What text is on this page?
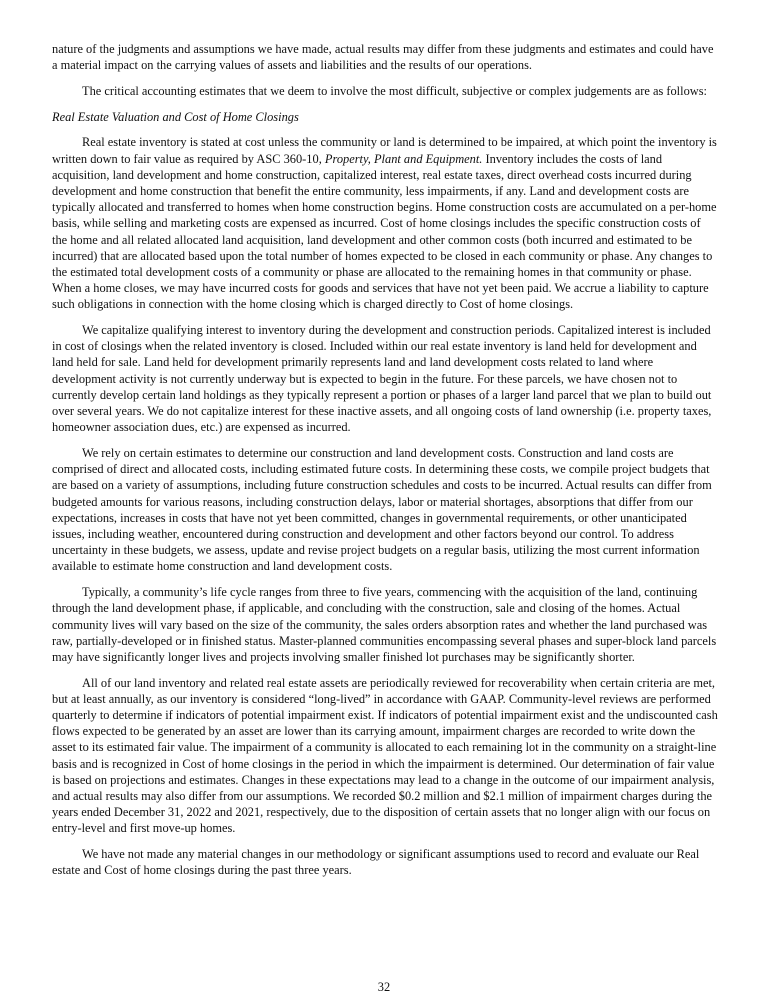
nature of the judgments and assumptions we have made, actual results may differ from these judgments and estimates and could have a material impact on the carrying values of assets and liabilities and the results of our operations.

The critical accounting estimates that we deem to involve the most difficult, subjective or complex judgements are as follows:

Real Estate Valuation and Cost of Home Closings

Real estate inventory is stated at cost unless the community or land is determined to be impaired, at which point the inventory is written down to fair value as required by ASC 360-10, Property, Plant and Equipment. Inventory includes the costs of land acquisition, land development and home construction, capitalized interest, real estate taxes, direct overhead costs incurred during development and home construction that benefit the entire community, less impairments, if any. Land and development costs are typically allocated and transferred to homes when home construction begins. Home construction costs are accumulated on a per-home basis, while selling and marketing costs are expensed as incurred. Cost of home closings includes the specific construction costs of the home and all related allocated land acquisition, land development and other common costs (both incurred and estimated to be incurred) that are allocated based upon the total number of homes expected to be closed in each community or phase. Any changes to the estimated total development costs of a community or phase are allocated to the remaining homes in that community or phase. When a home closes, we may have incurred costs for goods and services that have not yet been paid. We accrue a liability to capture such obligations in connection with the home closing which is charged directly to Cost of home closings.

We capitalize qualifying interest to inventory during the development and construction periods. Capitalized interest is included in cost of closings when the related inventory is closed. Included within our real estate inventory is land held for development and land held for sale. Land held for development primarily represents land and land development costs related to land where development activity is not currently underway but is expected to begin in the future. For these parcels, we have chosen not to currently develop certain land holdings as they typically represent a portion or phases of a larger land parcel that we plan to build out over several years. We do not capitalize interest for these inactive assets, and all ongoing costs of land ownership (i.e. property taxes, homeowner association dues, etc.) are expensed as incurred.

We rely on certain estimates to determine our construction and land development costs. Construction and land costs are comprised of direct and allocated costs, including estimated future costs. In determining these costs, we compile project budgets that are based on a variety of assumptions, including future construction schedules and costs to be incurred. Actual results can differ from budgeted amounts for various reasons, including construction delays, labor or material shortages, absorptions that differ from our expectations, increases in costs that have not yet been committed, changes in governmental requirements, or other unanticipated issues, including weather, encountered during construction and development and other factors beyond our control. To address uncertainty in these budgets, we assess, update and revise project budgets on a regular basis, utilizing the most current information available to estimate home construction and land development costs.

Typically, a community’s life cycle ranges from three to five years, commencing with the acquisition of the land, continuing through the land development phase, if applicable, and concluding with the construction, sale and closing of the homes. Actual community lives will vary based on the size of the community, the sales orders absorption rates and whether the land purchased was raw, partially-developed or in finished status. Master-planned communities encompassing several phases and super-block land parcels may have significantly longer lives and projects involving smaller finished lot purchases may be significantly shorter.

All of our land inventory and related real estate assets are periodically reviewed for recoverability when certain criteria are met, but at least annually, as our inventory is considered “long-lived” in accordance with GAAP. Community-level reviews are performed quarterly to determine if indicators of potential impairment exist. If indicators of potential impairment exist and the undiscounted cash flows expected to be generated by an asset are lower than its carrying amount, impairment charges are recorded to write down the asset to its estimated fair value. The impairment of a community is allocated to each remaining lot in the community on a straight-line basis and is recognized in Cost of home closings in the period in which the impairment is determined. Our determination of fair value is based on projections and estimates. Changes in these expectations may lead to a change in the outcome of our impairment analysis, and actual results may also differ from our assumptions. We recorded $0.2 million and $2.1 million of impairment charges during the years ended December 31, 2022 and 2021, respectively, due to the disposition of certain assets that no longer align with our focus on entry-level and first move-up homes.

We have not made any material changes in our methodology or significant assumptions used to record and evaluate our Real estate and Cost of home closings during the past three years.

32
